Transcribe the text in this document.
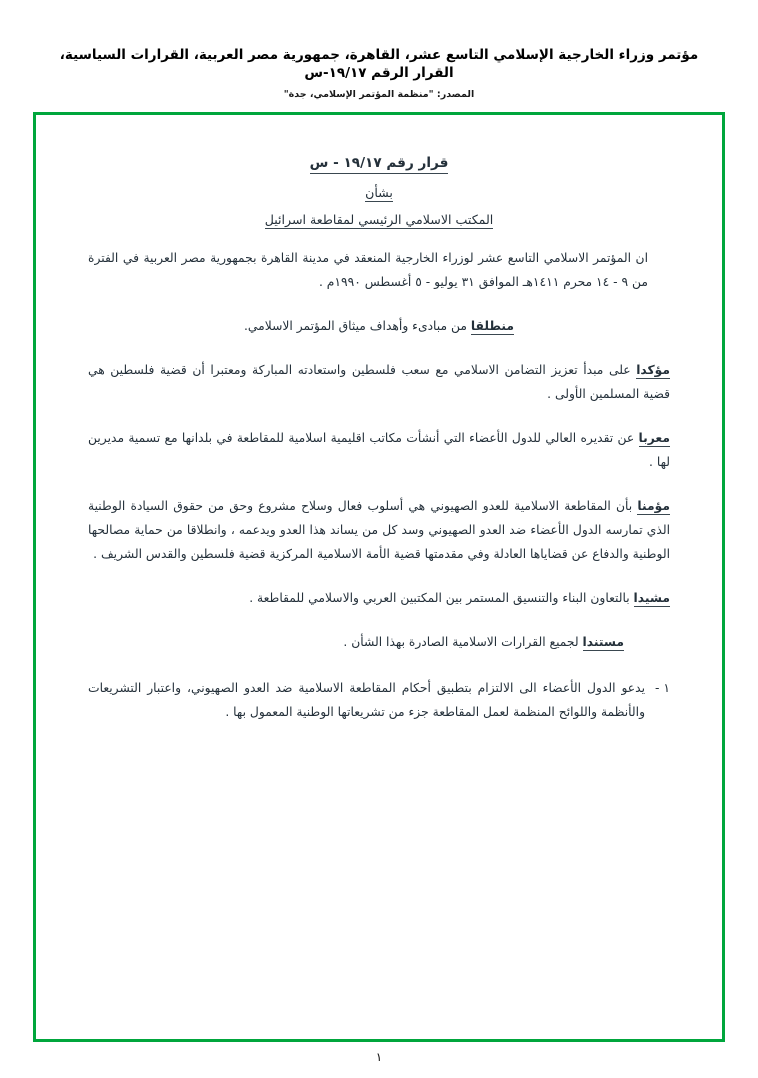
مؤتمر وزراء الخارجية الإسلامي التاسع عشر، القاهرة، جمهورية مصر العربية، القرارات السياسية، القرار الرقم ١٩/١٧-س
المصدر: "منظمة المؤتمر الإسلامي، جدة"
قرار رقم ١٩/١٧ - س
بشأن
المكتب الاسلامي الرئيسي لمقاطعة اسرائيل
ان المؤتمر الاسلامي التاسع عشر لوزراء الخارجية المنعقد في مدينة القاهرة بجمهورية مصر العربية في الفترة من ٩ - ١٤ محرم ١٤١١هـ الموافق ٣١ يوليو - ٥ أغسطس ١٩٩٠م .
منطلقا من مبادىء وأهداف ميثاق المؤتمر الاسلامي.
مؤكدا على مبدأ تعزيز التضامن الاسلامي مع سعب فلسطين واستعادته المباركة ومعتبرا أن قضية فلسطين هي قضية المسلمين الأولى .
معربا عن تقديره العالي للدول الأعضاء التي أنشأت مكاتب اقليمية اسلامية للمقاطعة في بلدانها مع تسمية مديرين لها .
مؤمنا بأن المقاطعة الاسلامية للعدو الصهيوني هي أسلوب فعال وسلاح مشروع وحق من حقوق السيادة الوطنية الذي تمارسه الدول الأعضاء ضد العدو الصهيوني وسد كل من يساند هذا العدو ويدعمه ، وانطلاقا من حماية مصالحها الوطنية والدفاع عن قضاياها العادلة وفي مقدمتها قضية الأمة الاسلامية المركزية قضية فلسطين والقدس الشريف .
مشيدا بالتعاون البناء والتنسيق المستمر بين المكتبين العربي والاسلامي للمقاطعة .
مستندا لجميع القرارات الاسلامية الصادرة بهذا الشأن .
١ -
يدعو الدول الأعضاء الى الالتزام بتطبيق أحكام المقاطعة الاسلامية ضد العدو الصهيوني، واعتبار التشريعات والأنظمة واللوائح المنظمة لعمل المقاطعة جزء من تشريعاتها الوطنية المعمول بها .
١
